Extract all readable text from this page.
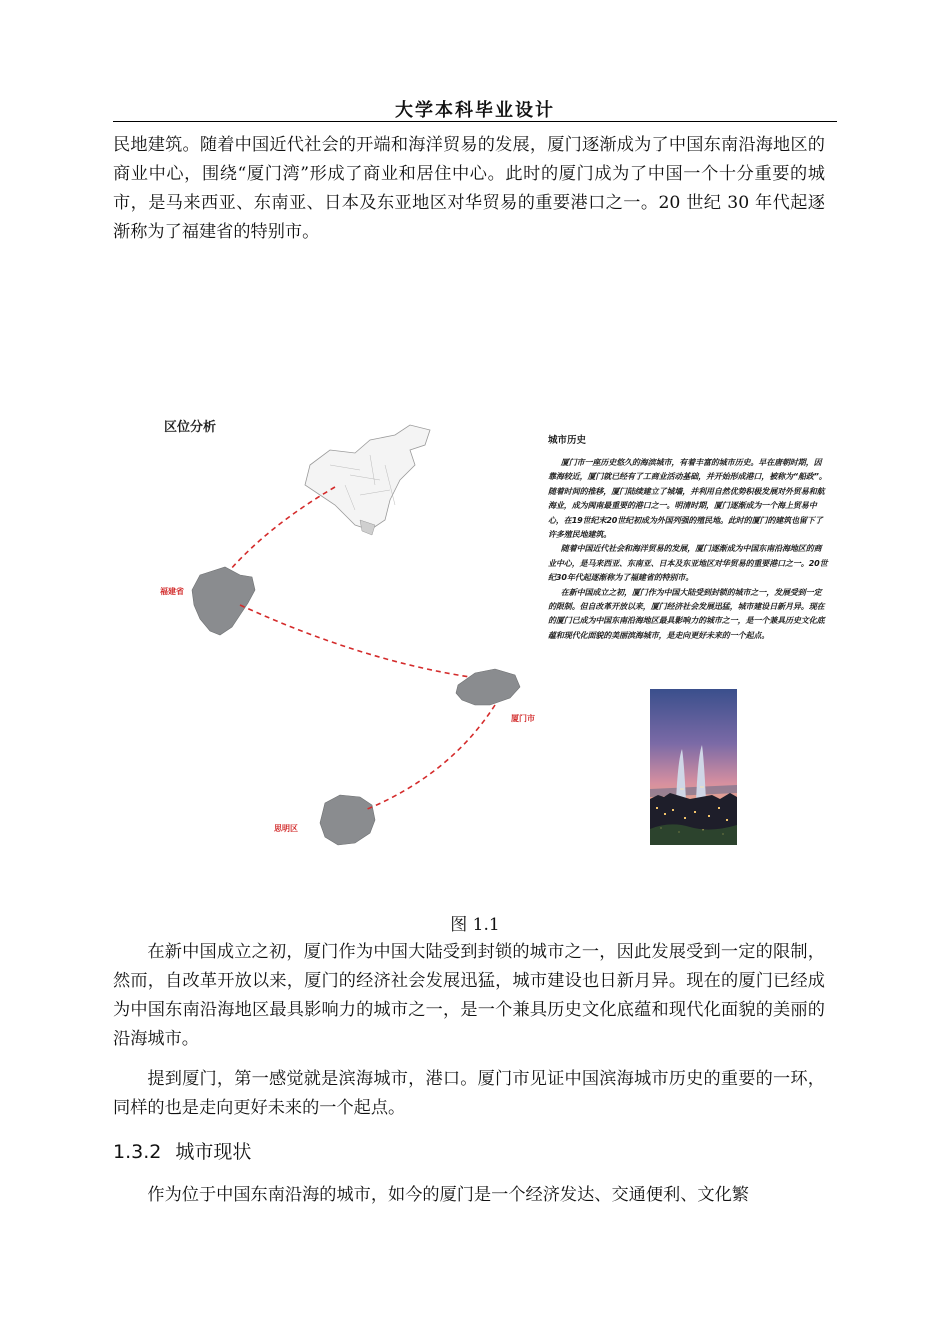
大学本科毕业设计

民地建筑。随着中国近代社会的开端和海洋贸易的发展，厦门逐渐成为了中国东南沿海地区的商业中心，围绕“厦门湾”形成了商业和居住中心。此时的厦门成为了中国一个十分重要的城市，是马来西亚、东南亚、日本及东亚地区对华贸易的重要港口之一。20 世纪 30 年代起逐渐称为了福建省的特别市。

区位分析
福建省
厦门市
思明区
城市历史

厦门市一座历史悠久的海滨城市，有着丰富的城市历史。早在唐朝时期，因靠海较近，厦门就已经有了工商业活动基础，并开始形成港口，被称为“船政”。随着时间的推移，厦门陆续建立了城墙，并利用自然优势积极发展对外贸易和航海业，成为闽南最重要的港口之一。明清时期，厦门逐渐成为一个海上贸易中心，在19世纪末20世纪初成为外国列强的殖民地。此时的厦门的建筑也留下了许多殖民地建筑。

随着中国近代社会和海洋贸易的发展，厦门逐渐成为中国东南沿海地区的商业中心，是马来西亚、东南亚、日本及东亚地区对华贸易的重要港口之一。20世纪30年代起逐渐称为了福建省的特别市。

在新中国成立之初，厦门作为中国大陆受到封锁的城市之一，发展受到一定的限制。但自改革开放以来，厦门经济社会发展迅猛，城市建设日新月异。现在的厦门已成为中国东南沿海地区最具影响力的城市之一，是一个兼具历史文化底蕴和现代化面貌的美丽滨海城市，是走向更好未来的一个起点。

图 1.1

在新中国成立之初，厦门作为中国大陆受到封锁的城市之一，因此发展受到一定的限制，然而，自改革开放以来，厦门的经济社会发展迅猛，城市建设也日新月异。现在的厦门已经成为中国东南沿海地区最具影响力的城市之一，是一个兼具历史文化底蕴和现代化面貌的美丽的沿海城市。

提到厦门，第一感觉就是滨海城市，港口。厦门市见证中国滨海城市历史的重要的一环，同样的也是走向更好未来的一个起点。

1.3.2 城市现状

作为位于中国东南沿海的城市，如今的厦门是一个经济发达、交通便利、文化繁
